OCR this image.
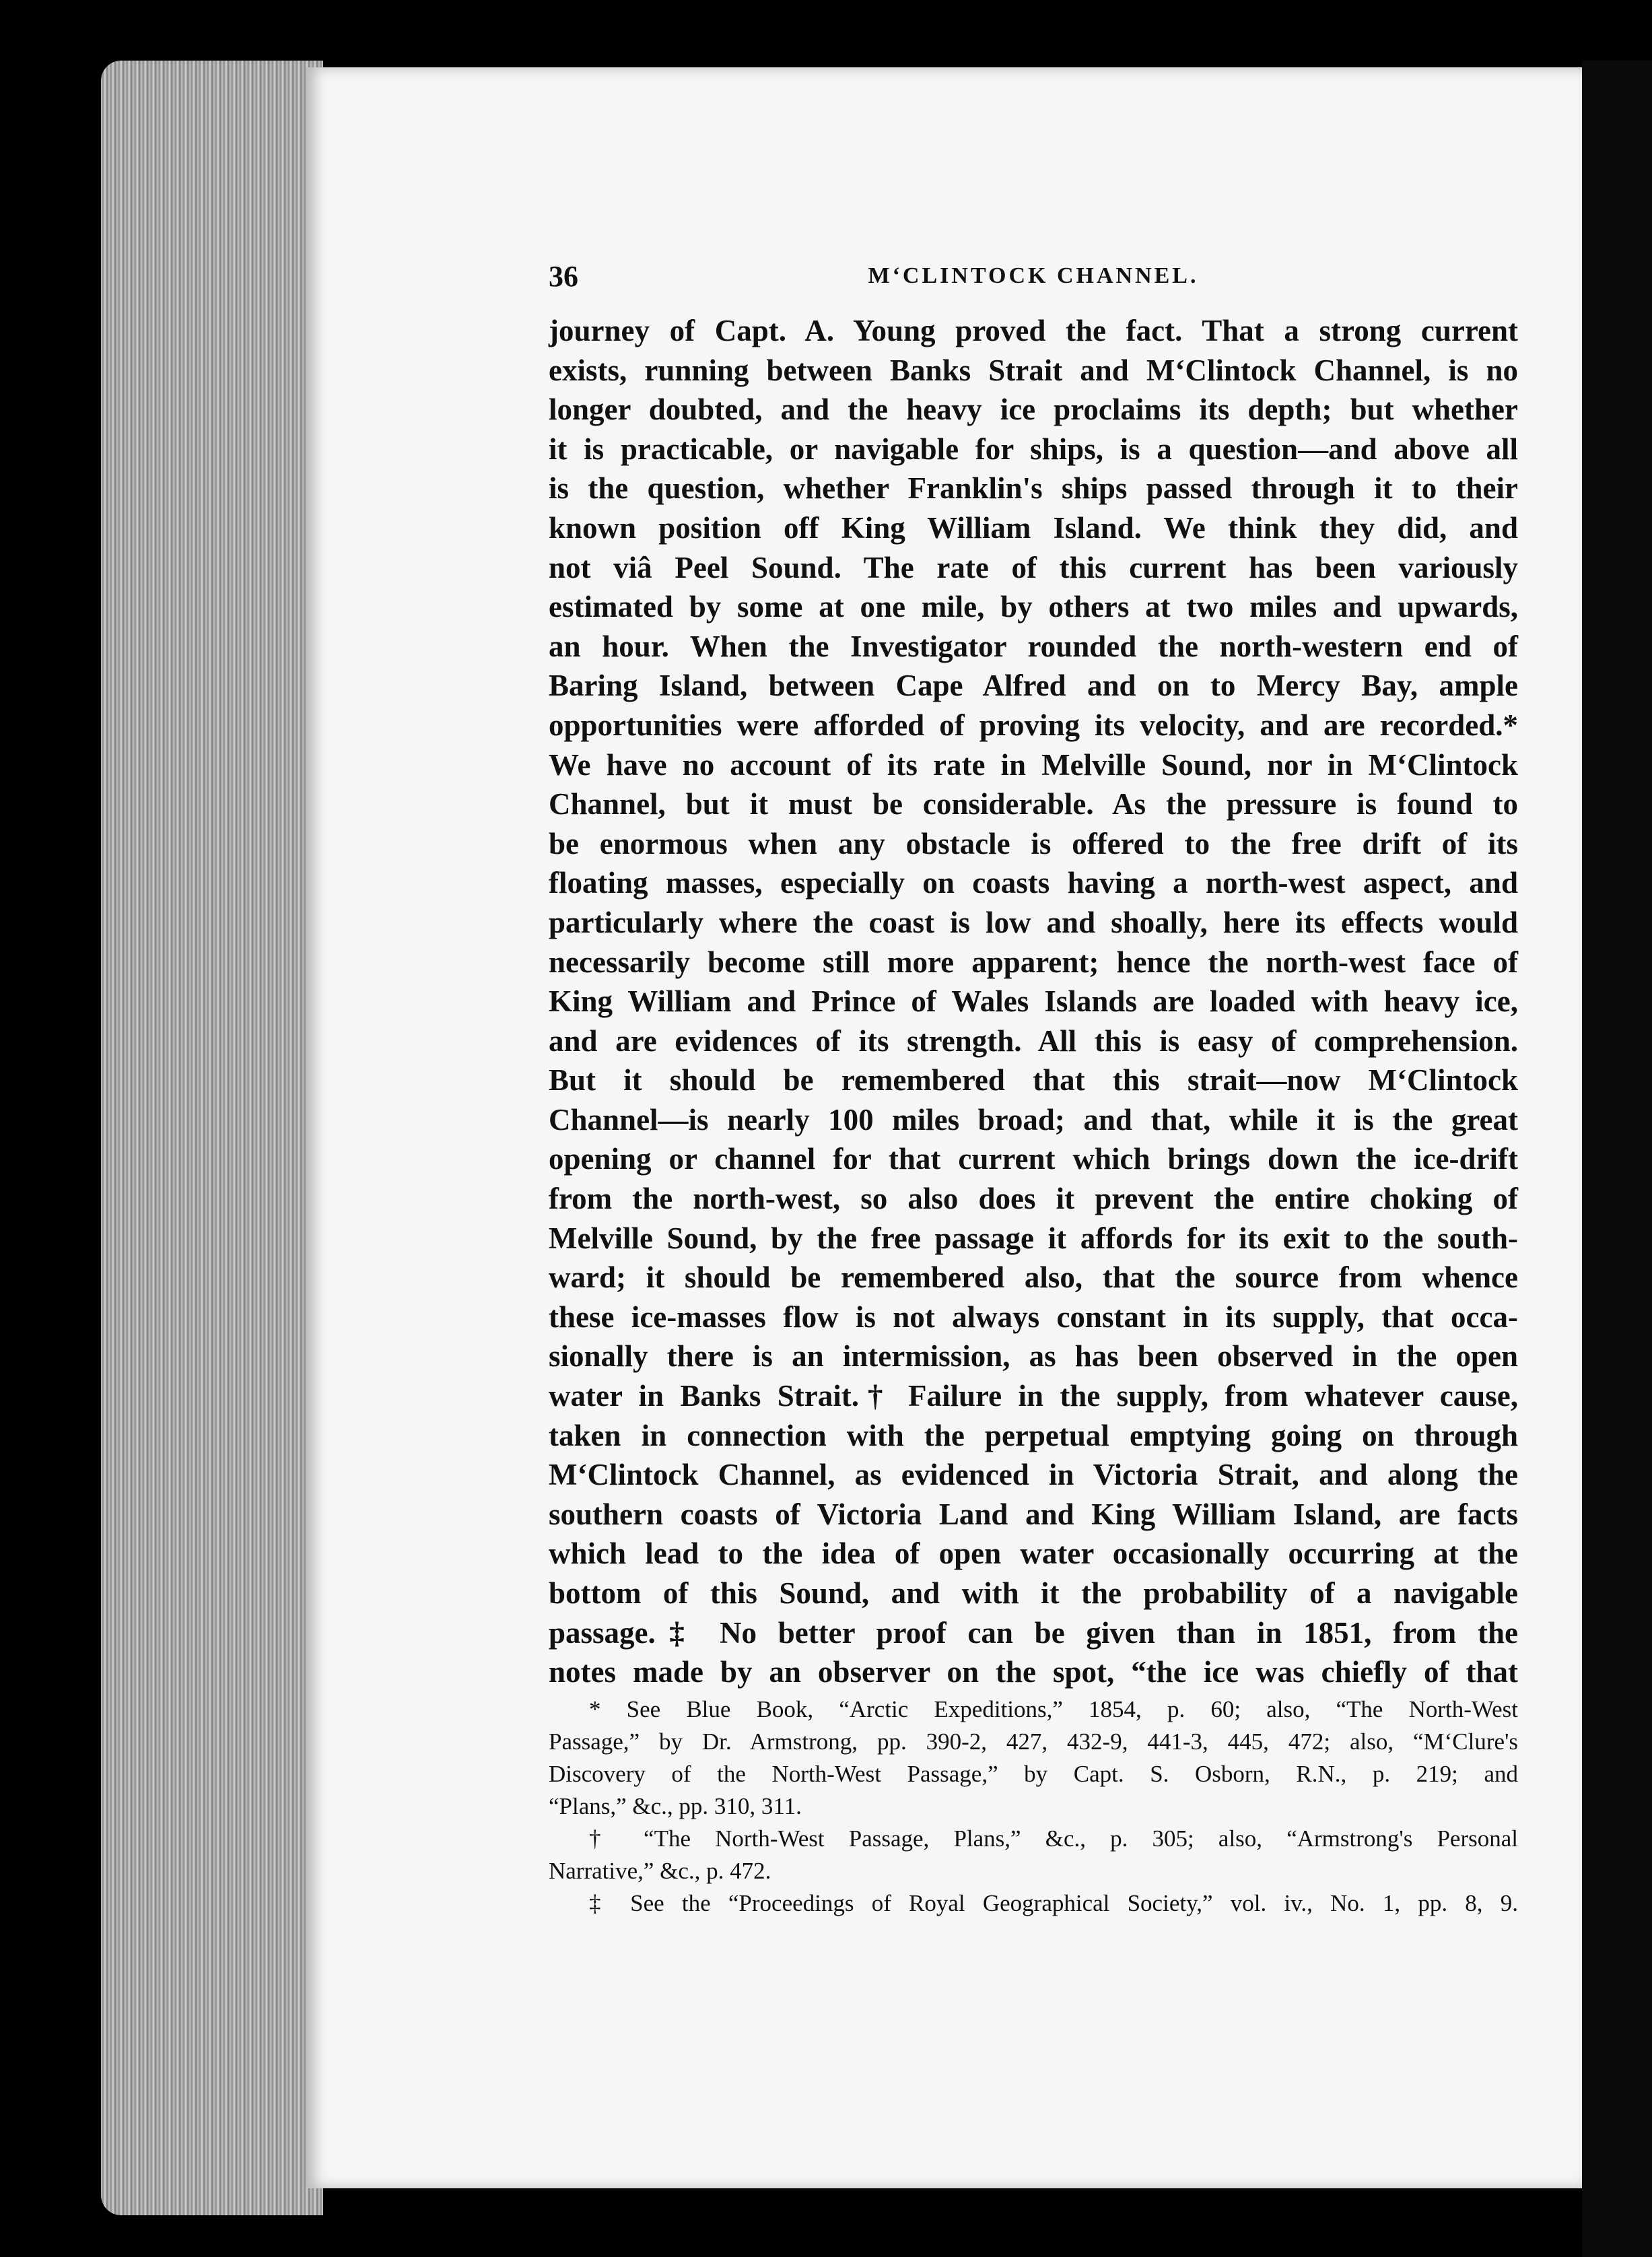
36	M‘CLINTOCK CHANNEL.
journey of Capt. A. Young proved the fact. That a strong current
exists, running between Banks Strait and M‘Clintock Channel, is no
longer doubted, and the heavy ice proclaims its depth; but whether
it is practicable, or navigable for ships, is a question—and above all
is the question, whether Franklin's ships passed through it to their
known position off King William Island. We think they did, and
not viâ Peel Sound. The rate of this current has been variously
estimated by some at one mile, by others at two miles and upwards,
an hour. When the Investigator rounded the north-western end of
Baring Island, between Cape Alfred and on to Mercy Bay, ample
opportunities were afforded of proving its velocity, and are recorded.*
We have no account of its rate in Melville Sound, nor in M‘Clintock
Channel, but it must be considerable. As the pressure is found to
be enormous when any obstacle is offered to the free drift of its
floating masses, especially on coasts having a north-west aspect, and
particularly where the coast is low and shoally, here its effects would
necessarily become still more apparent; hence the north-west face of
King William and Prince of Wales Islands are loaded with heavy ice,
and are evidences of its strength. All this is easy of comprehension.
But it should be remembered that this strait—now M‘Clintock
Channel—is nearly 100 miles broad; and that, while it is the great
opening or channel for that current which brings down the ice-drift
from the north-west, so also does it prevent the entire choking of
Melville Sound, by the free passage it affords for its exit to the south-
ward; it should be remembered also, that the source from whence
these ice-masses flow is not always constant in its supply, that occa-
sionally there is an intermission, as has been observed in the open
water in Banks Strait.† Failure in the supply, from whatever cause,
taken in connection with the perpetual emptying going on through
M‘Clintock Channel, as evidenced in Victoria Strait, and along the
southern coasts of Victoria Land and King William Island, are facts
which lead to the idea of open water occasionally occurring at the
bottom of this Sound, and with it the probability of a navigable
passage.‡ No better proof can be given than in 1851, from the
notes made by an observer on the spot, “the ice was chiefly of that
* See Blue Book, “Arctic Expeditions,” 1854, p. 60; also, “The North-West
Passage,” by Dr. Armstrong, pp. 390-2, 427, 432-9, 441-3, 445, 472; also, “M‘Clure's
Discovery of the North-West Passage,” by Capt. S. Osborn, R.N., p. 219; and
“Plans,” &c., pp. 310, 311.
† “The North-West Passage, Plans,” &c., p. 305; also, “Armstrong's Personal
Narrative,” &c., p. 472.
‡ See the “Proceedings of Royal Geographical Society,” vol. iv., No. 1, pp. 8, 9.
